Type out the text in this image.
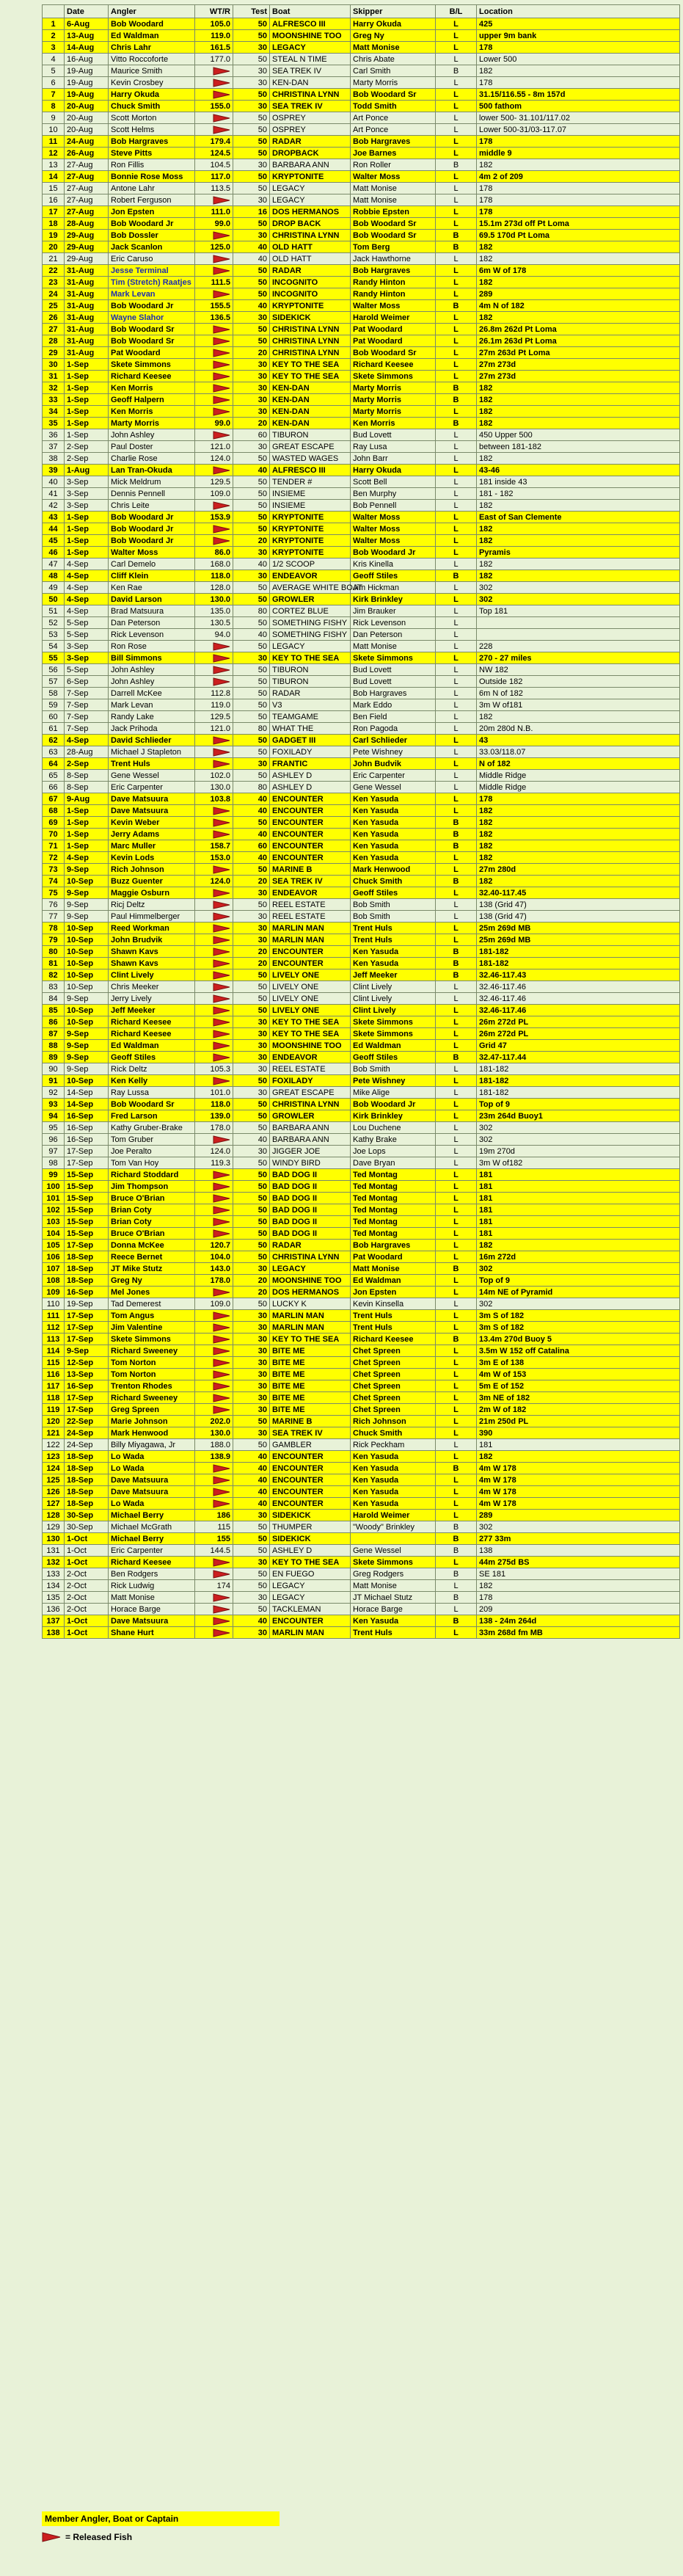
	Date	Angler	WT/R	Test	Boat	Skipper	B/L	Location
1	6-Aug	Bob Woodard	105.0	50	ALFRESCO III	Harry Okuda	L	425
2	13-Aug	Ed Waldman	119.0	50	MOONSHINE TOO	Greg Ny	L	upper 9m bank
3	14-Aug	Chris Lahr	161.5	30	LEGACY	Matt Monise	L	178
4	16-Aug	Vitto Roccoforte	177.0	50	STEAL N TIME	Chris Abate	L	Lower 500
5	19-Aug	Maurice Smith		30	SEA TREK IV	Carl Smith	B	182
6	19-Aug	Kevin Crosbey		30	KEN-DAN	Marty Morris	L	178
7	19-Aug	Harry Okuda		50	CHRISTINA LYNN	Bob Woodard Sr	L	31.15/116.55 - 8m 157d
8	20-Aug	Chuck Smith	155.0	30	SEA TREK IV	Todd Smith	L	500 fathom
9	20-Aug	Scott Morton		50	OSPREY	Art Ponce	L	lower 500- 31.101/117.02
10	20-Aug	Scott Helms		50	OSPREY	Art Ponce	L	Lower 500-31/03-117.07
11	24-Aug	Bob Hargraves	179.4	50	RADAR	Bob Hargraves	L	178
12	26-Aug	Steve Pitts	124.5	50	DROPBACK	Joe Barnes	L	middle 9
13	27-Aug	Ron Fillis	104.5	30	BARBARA ANN	Ron Roller	B	182
14	27-Aug	Bonnie Rose Moss	117.0	50	KRYPTONITE	Walter Moss	L	4m 2 of 209
15	27-Aug	Antone Lahr	113.5	50	LEGACY	Matt Monise	L	178
16	27-Aug	Robert Ferguson		30	LEGACY	Matt Monise	L	178
17	27-Aug	Jon Epsten	111.0	16	DOS HERMANOS	Robbie Epsten	L	178
18	28-Aug	Bob Woodard Jr	99.0	50	DROP BACK	Bob Woodard Sr	L	15.1m 273d off Pt Loma
19	29-Aug	Bob Dossler		30	CHRISTINA LYNN	Bob Woodard Sr	B	69.5 170d Pt Loma
20	29-Aug	Jack Scanlon	125.0	40	OLD HATT	Tom Berg	B	182
21	29-Aug	Eric Caruso		40	OLD HATT	Jack Hawthorne	L	182
22	31-Aug	Jesse Terminal		50	RADAR	Bob Hargraves	L	6m W of 178
23	31-Aug	Tim (Stretch) Raatjes	111.5	50	INCOGNITO	Randy Hinton	L	182
24	31-Aug	Mark Levan		50	INCOGNITO	Randy Hinton	L	289
25	31-Aug	Bob Woodard Jr	155.5	40	KRYPTONITE	Walter Moss	B	4m N of 182
26	31-Aug	Wayne Slahor	136.5	30	SIDEKICK	Harold Weimer	L	182
27	31-Aug	Bob Woodard Sr		50	CHRISTINA LYNN	Pat Woodard	L	26.8m 262d Pt Loma
28	31-Aug	Bob Woodard Sr		50	CHRISTINA LYNN	Pat Woodard	L	26.1m 263d Pt Loma
29	31-Aug	Pat Woodard		20	CHRISTINA LYNN	Bob Woodard Sr	L	27m 263d Pt Loma
30	1-Sep	Skete Simmons		30	KEY TO THE SEA	Richard Keesee	L	27m 273d
31	1-Sep	Richard Keesee		30	KEY TO THE SEA	Skete Simmons	L	27m 273d
32	1-Sep	Ken Morris		30	KEN-DAN	Marty Morris	B	182
33	1-Sep	Geoff Halpern		30	KEN-DAN	Marty Morris	B	182
34	1-Sep	Ken Morris		30	KEN-DAN	Marty Morris	L	182
35	1-Sep	Marty Morris	99.0	20	KEN-DAN	Ken Morris	B	182
36	1-Sep	John Ashley		60	TIBURON	Bud Lovett	L	450 Upper 500
37	2-Sep	Paul Doster	121.0	30	GREAT ESCAPE	Ray Lusa	L	between 181-182
38	2-Sep	Charlie Rose	124.0	50	WASTED WAGES	John Barr	L	182
39	1-Aug	Lan Tran-Okuda		40	ALFRESCO III	Harry Okuda	L	43-46
40	3-Sep	Mick Meldrum	129.5	50	TENDER #	Scott Bell	L	181 inside 43
41	3-Sep	Dennis Pennell	109.0	50	INSIEME	Ben Murphy	L	181 - 182
42	3-Sep	Chris Leite		50	INSIEME	Bob Pennell	L	182
43	1-Sep	Bob Woodard Jr	153.9	50	KRYPTONITE	Walter Moss	L	East of San Clemente
44	1-Sep	Bob Woodard Jr		50	KRYPTONITE	Walter Moss	L	182
45	1-Sep	Bob Woodard Jr		20	KRYPTONITE	Walter Moss	L	182
46	1-Sep	Walter Moss	86.0	30	KRYPTONITE	Bob Woodard Jr	L	Pyramis
47	4-Sep	Carl Demelo	168.0	40	1/2 SCOOP	Kris Kinella	L	182
48	4-Sep	Cliff Klein	118.0	30	ENDEAVOR	Geoff Stiles	B	182
49	4-Sep	Ken Rae	128.0	50	AVERAGE WHITE BOAT	Jim Hickman	L	302
50	4-Sep	David Larson	130.0	50	GROWLER	Kirk Brinkley	L	302
51	4-Sep	Brad Matsuura	135.0	80	CORTEZ BLUE	Jim Brauker	L	Top 181
52	5-Sep	Dan Peterson	130.5	50	SOMETHING FISHY	Rick Levenson	L	
53	5-Sep	Rick Levenson	94.0	40	SOMETHING FISHY	Dan Peterson	L	
54	3-Sep	Ron Rose		50	LEGACY	Matt Monise	L	228
55	3-Sep	Bill Simmons		30	KEY TO THE SEA	Skete Simmons	L	270 - 27 miles
56	5-Sep	John Ashley		50	TIBURON	Bud Lovett	L	NW 182
57	6-Sep	John Ashley		50	TIBURON	Bud Lovett	L	Outside 182
58	7-Sep	Darrell McKee	112.8	50	RADAR	Bob Hargraves	L	6m N of 182
59	7-Sep	Mark Levan	119.0	50	V3	Mark Eddo	L	3m W of181
60	7-Sep	Randy Lake	129.5	50	TEAMGAME	Ben Field	L	182
61	7-Sep	Jack Prihoda	121.0	80	WHAT THE	Ron Pagoda	L	20m 280d N.B.
62	4-Sep	David Schlieder		50	GADGET III	Carl Schlieder	L	43
63	28-Aug	Michael J Stapleton		50	FOXILADY	Pete Wishney	L	33.03/118.07
64	2-Sep	Trent Huls		30	FRANTIC	John Budvik	L	N of 182
65	8-Sep	Gene Wessel	102.0	50	ASHLEY D	Eric Carpenter	L	Middle Ridge
66	8-Sep	Eric Carpenter	130.0	80	ASHLEY D	Gene Wessel	L	Middle Ridge
67	9-Aug	Dave Matsuura	103.8	40	ENCOUNTER	Ken Yasuda	L	178
68	1-Sep	Dave Matsuura		40	ENCOUNTER	Ken Yasuda	L	182
69	1-Sep	Kevin Weber		50	ENCOUNTER	Ken Yasuda	B	182
70	1-Sep	Jerry Adams		40	ENCOUNTER	Ken Yasuda	B	182
71	1-Sep	Marc Muller	158.7	60	ENCOUNTER	Ken Yasuda	B	182
72	4-Sep	Kevin Lods	153.0	40	ENCOUNTER	Ken Yasuda	L	182
73	9-Sep	Rich Johnson		50	MARINE B	Mark Henwood	L	27m 280d
74	10-Sep	Buzz Guenter	124.0	20	SEA TREK IV	Chuck Smith	B	182
75	9-Sep	Maggie Osburn		30	ENDEAVOR	Geoff Stiles	L	32.40-117.45
76	9-Sep	Ricj Deltz		50	REEL ESTATE	Bob Smith	L	138 (Grid 47)
77	9-Sep	Paul Himmelberger		30	REEL ESTATE	Bob Smith	L	138 (Grid 47)
78	10-Sep	Reed Workman		30	MARLIN MAN	Trent Huls	L	25m 269d MB
79	10-Sep	John Brudvik		30	MARLIN MAN	Trent Huls	L	25m 269d MB
80	10-Sep	Shawn Kavs		20	ENCOUNTER	Ken Yasuda	B	181-182
81	10-Sep	Shawn Kavs		20	ENCOUNTER	Ken Yasuda	B	181-182
82	10-Sep	Clint Lively		50	LIVELY ONE	Jeff Meeker	B	32.46-117.43
83	10-Sep	Chris Meeker		50	LIVELY ONE	Clint Lively	L	32.46-117.46
84	9-Sep	Jerry Lively		50	LIVELY ONE	Clint Lively	L	32.46-117.46
85	10-Sep	Jeff Meeker		50	LIVELY ONE	Clint Lively	L	32.46-117.46
86	10-Sep	Richard Keesee		30	KEY TO THE SEA	Skete Simmons	L	26m 272d PL
87	9-Sep	Richard Keesee		30	KEY TO THE SEA	Skete Simmons	L	26m 272d PL
88	9-Sep	Ed Waldman		30	MOONSHINE TOO	Ed Waldman	L	Grid 47
89	9-Sep	Geoff Stiles		30	ENDEAVOR	Geoff Stiles	B	32.47-117.44
90	9-Sep	Rick Deltz	105.3	30	REEL ESTATE	Bob Smith	L	181-182
91	10-Sep	Ken Kelly		50	FOXILADY	Pete Wishney	L	181-182
92	14-Sep	Ray Lussa	101.0	30	GREAT ESCAPE	Mike Alige	L	181-182
93	14-Sep	Bob Woodard Sr	118.0	50	CHRISTINA LYNN	Bob Woodard Jr	L	Top of 9
94	16-Sep	Fred Larson	139.0	50	GROWLER	Kirk Brinkley	L	23m 264d Buoy1
95	16-Sep	Kathy Gruber-Brake	178.0	50	BARBARA ANN	Lou Duchene	L	302
96	16-Sep	Tom Gruber		40	BARBARA ANN	Kathy Brake	L	302
97	17-Sep	Joe Peralto	124.0	30	JIGGER JOE	Joe Lops	L	19m 270d
98	17-Sep	Tom Van Hoy	119.3	50	WINDY BIRD	Dave Bryan	L	3m W of182
99	15-Sep	Richard Stoddard		50	BAD DOG II	Ted Montag	L	181
100	15-Sep	Jim Thompson		50	BAD DOG II	Ted Montag	L	181
101	15-Sep	Bruce O'Brian		50	BAD DOG II	Ted Montag	L	181
102	15-Sep	Brian Coty		50	BAD DOG II	Ted Montag	L	181
103	15-Sep	Brian Coty		50	BAD DOG II	Ted Montag	L	181
104	15-Sep	Bruce O'Brian		50	BAD DOG II	Ted Montag	L	181
105	17-Sep	Donna McKee	120.7	50	RADAR	Bob Hargraves	L	182
106	18-Sep	Reece Bernet	104.0	50	CHRISTINA LYNN	Pat Woodard	L	16m 272d
107	18-Sep	JT Mike Stutz	143.0	30	LEGACY	Matt Monise	B	302
108	18-Sep	Greg Ny	178.0	20	MOONSHINE TOO	Ed Waldman	L	Top of 9
109	16-Sep	Mel Jones		20	DOS HERMANOS	Jon Epsten	L	14m NE of Pyramid
110	19-Sep	Tad Demerest	109.0	50	LUCKY K	Kevin Kinsella	L	302
111	17-Sep	Tom Angus		30	MARLIN MAN	Trent Huls	L	3m S of 182
112	17-Sep	Jim Valentine		30	MARLIN MAN	Trent Huls	L	3m S of 182
113	17-Sep	Skete Simmons		30	KEY TO THE SEA	Richard Keesee	B	13.4m 270d Buoy 5
114	9-Sep	Richard Sweeney		30	BITE ME	Chet Spreen	L	3.5m W 152 off Catalina
115	12-Sep	Tom Norton		30	BITE ME	Chet Spreen	L	3m E of 138
116	13-Sep	Tom Norton		30	BITE ME	Chet Spreen	L	4m W of 153
117	16-Sep	Trenton Rhodes		30	BITE ME	Chet Spreen	L	5m E of 152
118	17-Sep	Richard Sweeney		30	BITE ME	Chet Spreen	L	3m NE of 182
119	17-Sep	Greg Spreen		30	BITE ME	Chet Spreen	L	2m W of 182
120	22-Sep	Marie Johnson	202.0	50	MARINE B	Rich Johnson	L	21m 250d PL
121	24-Sep	Mark Henwood	130.0	30	SEA TREK IV	Chuck Smith	L	390
122	24-Sep	Billy Miyagawa, Jr	188.0	50	GAMBLER	Rick Peckham	L	181
123	18-Sep	Lo Wada	138.9	40	ENCOUNTER	Ken Yasuda	L	182
124	18-Sep	Lo Wada		40	ENCOUNTER	Ken Yasuda	B	4m W 178
125	18-Sep	Dave Matsuura		40	ENCOUNTER	Ken Yasuda	L	4m W 178
126	18-Sep	Dave Matsuura		40	ENCOUNTER	Ken Yasuda	L	4m W 178
127	18-Sep	Lo Wada		40	ENCOUNTER	Ken Yasuda	L	4m W 178
128	30-Sep	Michael Berry	186	30	SIDEKICK	Harold Weimer	L	289
129	30-Sep	Michael McGrath	115	50	THUMPER	"Woody" Brinkley	B	302
130	1-Oct	Michael Berry	155	50	SIDEKICK		B	277 33m
131	1-Oct	Eric Carpenter	144.5	50	ASHLEY D	Gene Wessel	B	138
132	1-Oct	Richard Keesee		30	KEY TO THE SEA	Skete Simmons	L	44m 275d BS
133	2-Oct	Ben Rodgers		50	EN FUEGO	Greg Rodgers	B	SE 181
134	2-Oct	Rick Ludwig	174	50	LEGACY	Matt Monise	L	182
135	2-Oct	Matt Monise		30	LEGACY	JT Michael Stutz	B	178
136	2-Oct	Horace Barge		50	TACKLEMAN	Horace Barge	L	209
137	1-Oct	Dave Matsuura		40	ENCOUNTER	Ken Yasuda	B	138 - 24m 264d
138	1-Oct	Shane Hurt		30	MARLIN MAN	Trent Huls	L	33m 268d fm MB
Member Angler, Boat or Captain
= Released Fish
